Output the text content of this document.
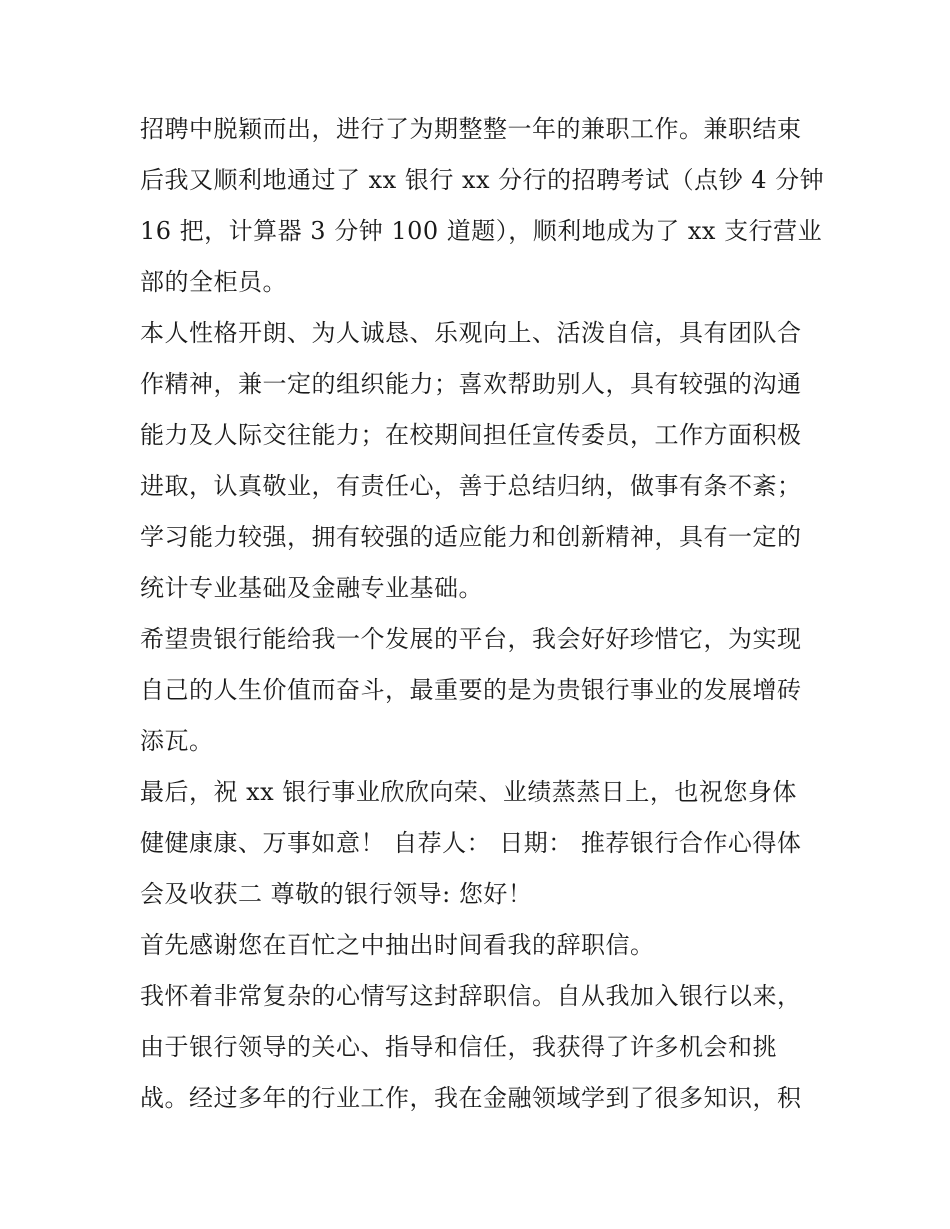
招聘中脱颖而出，进行了为期整整一年的兼职工作。兼职结束
后我又顺利地通过了 xx 银行 xx 分行的招聘考试（点钞 4 分钟
16 把，计算器 3 分钟 100 道题），顺利地成为了 xx 支行营业
部的全柜员。
本人性格开朗、为人诚恳、乐观向上、活泼自信，具有团队合
作精神，兼一定的组织能力；喜欢帮助别人，具有较强的沟通
能力及人际交往能力；在校期间担任宣传委员，工作方面积极
进取，认真敬业，有责任心，善于总结归纳，做事有条不紊；
学习能力较强，拥有较强的适应能力和创新精神，具有一定的
统计专业基础及金融专业基础。
希望贵银行能给我一个发展的平台，我会好好珍惜它，为实现
自己的人生价值而奋斗，最重要的是为贵银行事业的发展增砖
添瓦。
最后，祝 xx 银行事业欣欣向荣、业绩蒸蒸日上，也祝您身体
健健康康、万事如意！ 自荐人： 日期： 推荐银行合作心得体
会及收获二 尊敬的银行领导: 您好！
首先感谢您在百忙之中抽出时间看我的辞职信。
我怀着非常复杂的心情写这封辞职信。自从我加入银行以来，
由于银行领导的关心、指导和信任，我获得了许多机会和挑
战。经过多年的行业工作，我在金融领域学到了很多知识，积
